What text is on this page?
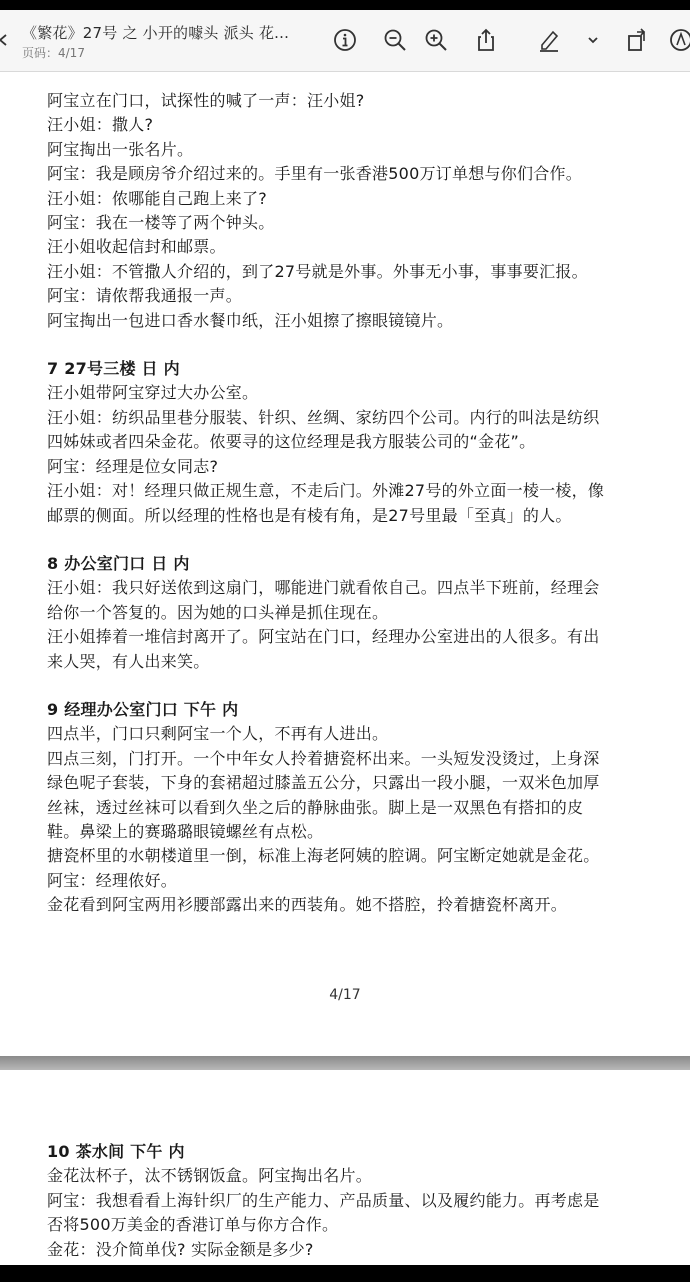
《繁花》27号 之 小开的噱头 派头 花...
页码：4/17

阿宝立在门口，试探性的喊了一声：汪小姐?

汪小姐：撒人?

阿宝掏出一张名片。

阿宝：我是顾房爷介绍过来的。手里有一张香港500万订单想与你们合作。

汪小姐：侬哪能自己跑上来了?

阿宝：我在一楼等了两个钟头。

汪小姐收起信封和邮票。

汪小姐：不管撒人介绍的，到了27号就是外事。外事无小事，事事要汇报。

阿宝：请侬帮我通报一声。

阿宝掏出一包进口香水餐巾纸，汪小姐擦了擦眼镜镜片。

7 27号三楼 日 内

汪小姐带阿宝穿过大办公室。

汪小姐：纺织品里巷分服装、针织、丝绸、家纺四个公司。内行的叫法是纺织

四姊妹或者四朵金花。侬要寻的这位经理是我方服装公司的“金花”。

阿宝：经理是位女同志?

汪小姐：对！经理只做正规生意，不走后门。外滩27号的外立面一棱一棱，像

邮票的侧面。所以经理的性格也是有棱有角，是27号里最「至真」的人。

8 办公室门口 日 内

汪小姐：我只好送侬到这扇门，哪能进门就看侬自己。四点半下班前，经理会

给你一个答复的。因为她的口头禅是抓住现在。

汪小姐捧着一堆信封离开了。阿宝站在门口，经理办公室进出的人很多。有出

来人哭，有人出来笑。

9 经理办公室门口 下午 内

四点半，门口只剩阿宝一个人，不再有人进出。

四点三刻，门打开。一个中年女人拎着搪瓷杯出来。一头短发没烫过，上身深

绿色呢子套装，下身的套裙超过膝盖五公分，只露出一段小腿，一双米色加厚

丝袜，透过丝袜可以看到久坐之后的静脉曲张。脚上是一双黑色有搭扣的皮

鞋。鼻梁上的赛璐璐眼镜螺丝有点松。

搪瓷杯里的水朝楼道里一倒，标准上海老阿姨的腔调。阿宝断定她就是金花。

阿宝：经理侬好。

金花看到阿宝两用衫腰部露出来的西装角。她不搭腔，拎着搪瓷杯离开。

4/17
10 茶水间 下午 内

金花汰杯子，汰不锈钢饭盒。阿宝掏出名片。

阿宝：我想看看上海针织厂的生产能力、产品质量、以及履约能力。再考虑是

否将500万美金的香港订单与你方合作。

金花：没介简单伐? 实际金额是多少?
